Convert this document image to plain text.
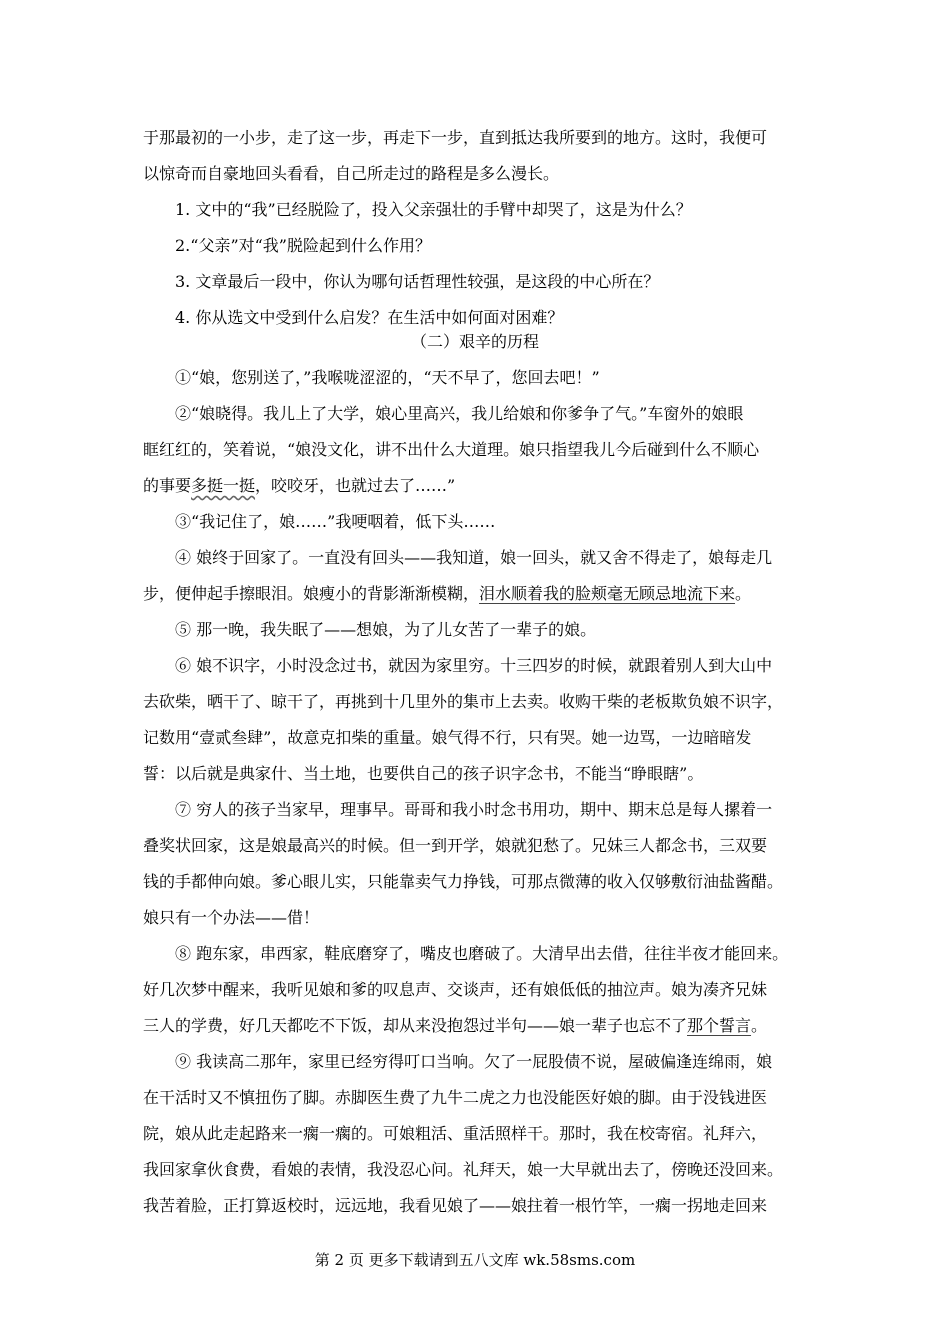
于那最初的一小步，走了这一步，再走下一步，直到抵达我所要到的地方。这时，我便可
以惊奇而自豪地回头看看，自己所走过的路程是多么漫长。
1. 文中的“我”已经脱险了，投入父亲强壮的手臂中却哭了，这是为什么？
2.“父亲”对“我”脱险起到什么作用？
3. 文章最后一段中，你认为哪句话哲理性较强，是这段的中心所在？
4. 你从选文中受到什么启发？在生活中如何面对困难？
（二）艰辛的历程
①“娘，您别送了，”我喉咙涩涩的，“天不早了，您回去吧！”
②“娘晓得。我儿上了大学，娘心里高兴，我儿给娘和你爹争了气。”车窗外的娘眼
眶红红的，笑着说，“娘没文化，讲不出什么大道理。娘只指望我儿今后碰到什么不顺心
的事要多挺一挺，咬咬牙，也就过去了……”
③“我记住了，娘……”我哽咽着，低下头……
④ 娘终于回家了。一直没有回头——我知道，娘一回头，就又舍不得走了，娘每走几
步，便伸起手擦眼泪。娘瘦小的背影渐渐模糊，泪水顺着我的脸颊毫无顾忌地流下来。
⑤ 那一晚，我失眠了——想娘，为了儿女苦了一辈子的娘。
⑥ 娘不识字，小时没念过书，就因为家里穷。十三四岁的时候，就跟着别人到大山中
去砍柴，晒干了、晾干了，再挑到十几里外的集市上去卖。收购干柴的老板欺负娘不识字，
记数用“壹贰叁肆”，故意克扣柴的重量。娘气得不行，只有哭。她一边骂，一边暗暗发
誓：以后就是典家什、当土地，也要供自己的孩子识字念书，不能当“睁眼瞎”。
⑦ 穷人的孩子当家早，理事早。哥哥和我小时念书用功，期中、期末总是每人摞着一
叠奖状回家，这是娘最高兴的时候。但一到开学，娘就犯愁了。兄妹三人都念书，三双要
钱的手都伸向娘。爹心眼儿实，只能靠卖气力挣钱，可那点微薄的收入仅够敷衍油盐酱醋。
娘只有一个办法——借！
⑧ 跑东家，串西家，鞋底磨穿了，嘴皮也磨破了。大清早出去借，往往半夜才能回来。
好几次梦中醒来，我听见娘和爹的叹息声、交谈声，还有娘低低的抽泣声。娘为凑齐兄妹
三人的学费，好几天都吃不下饭，却从来没抱怨过半句——娘一辈子也忘不了那个誓言。
⑨ 我读高二那年，家里已经穷得叮口当响。欠了一屁股债不说，屋破偏逢连绵雨，娘
在干活时又不慎扭伤了脚。赤脚医生费了九牛二虎之力也没能医好娘的脚。由于没钱进医
院，娘从此走起路来一瘸一瘸的。可娘粗活、重活照样干。那时，我在校寄宿。礼拜六，
我回家拿伙食费，看娘的表情，我没忍心问。礼拜天，娘一大早就出去了，傍晚还没回来。
我苦着脸，正打算返校时，远远地，我看见娘了——娘拄着一根竹竿，一瘸一拐地走回来
第 2 页 更多下载请到五八文库 wk.58sms.com
